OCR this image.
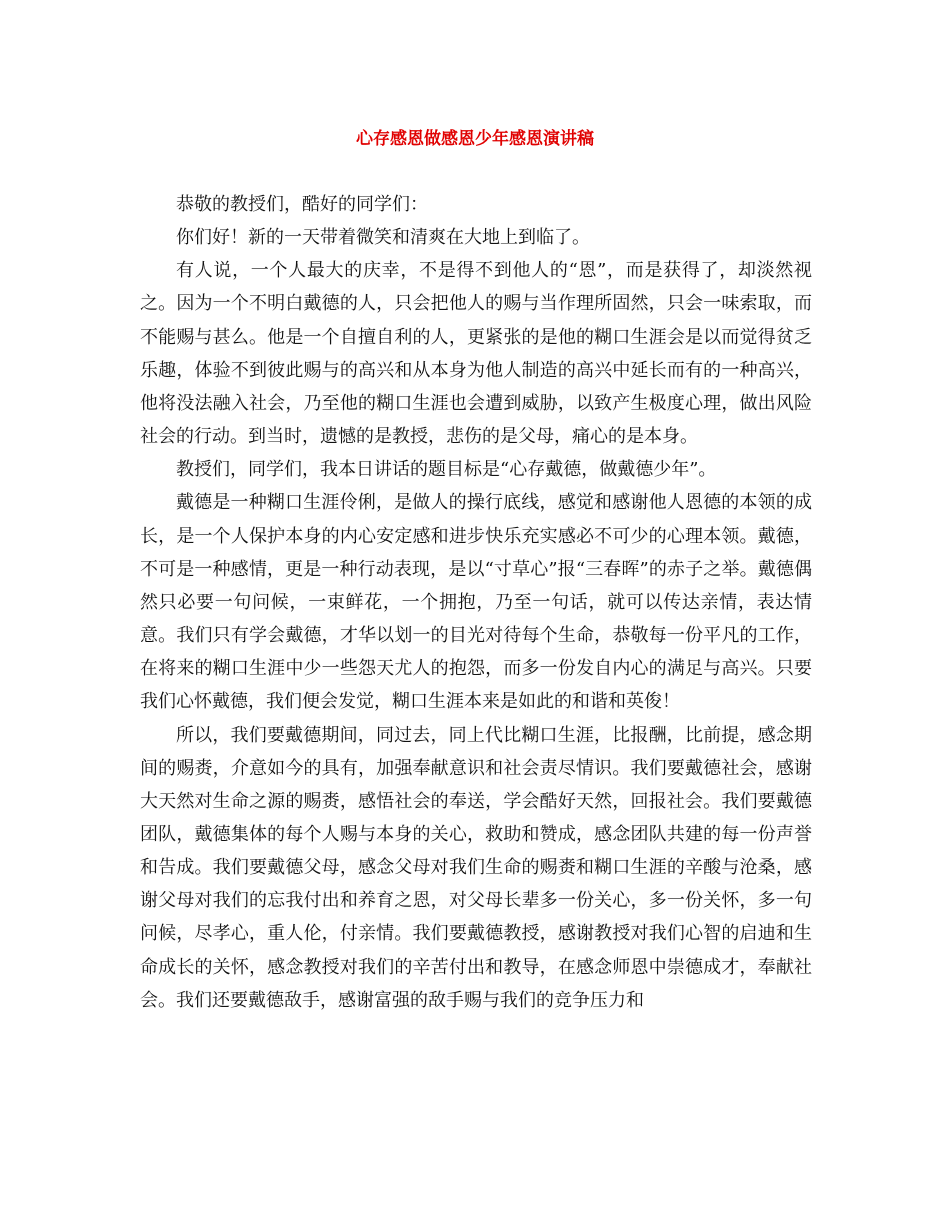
心存感恩做感恩少年感恩演讲稿

恭敬的教授们，酷好的同学们：

你们好！新的一天带着微笑和清爽在大地上到临了。

有人说，一个人最大的庆幸，不是得不到他人的“恩”，而是获得了，却淡然视之。因为一个不明白戴德的人，只会把他人的赐与当作理所固然，只会一味索取，而不能赐与甚么。他是一个自擅自利的人，更紧张的是他的糊口生涯会是以而觉得贫乏乐趣，体验不到彼此赐与的高兴和从本身为他人制造的高兴中延长而有的一种高兴，他将没法融入社会，乃至他的糊口生涯也会遭到威胁，以致产生极度心理，做出风险社会的行动。到当时，遗憾的是教授，悲伤的是父母，痛心的是本身。

教授们，同学们，我本日讲话的题目标是“心存戴德，做戴德少年”。

戴德是一种糊口生涯伶俐，是做人的操行底线，感觉和感谢他人恩德的本领的成长，是一个人保护本身的内心安定感和进步快乐充实感必不可少的心理本领。戴德，不可是一种感情，更是一种行动表现，是以“寸草心”报“三春晖”的赤子之举。戴德偶然只必要一句问候，一束鲜花，一个拥抱，乃至一句话，就可以传达亲情，表达情意。我们只有学会戴德，才华以划一的目光对待每个生命，恭敬每一份平凡的工作，在将来的糊口生涯中少一些怨天尤人的抱怨，而多一份发自内心的满足与高兴。只要我们心怀戴德，我们便会发觉，糊口生涯本来是如此的和谐和英俊！

所以，我们要戴德期间，同过去，同上代比糊口生涯，比报酬，比前提，感念期间的赐赉，介意如今的具有，加强奉献意识和社会责尽情识。我们要戴德社会，感谢大天然对生命之源的赐赉，感悟社会的奉送，学会酷好天然，回报社会。我们要戴德团队，戴德集体的每个人赐与本身的关心，救助和赞成，感念团队共建的每一份声誉和告成。我们要戴德父母，感念父母对我们生命的赐赉和糊口生涯的辛酸与沧桑，感谢父母对我们的忘我付出和养育之恩，对父母长辈多一份关心，多一份关怀，多一句问候，尽孝心，重人伦，付亲情。我们要戴德教授，感谢教授对我们心智的启迪和生命成长的关怀，感念教授对我们的辛苦付出和教导，在感念师恩中崇德成才，奉献社会。我们还要戴德敌手，感谢富强的敌手赐与我们的竞争压力和
